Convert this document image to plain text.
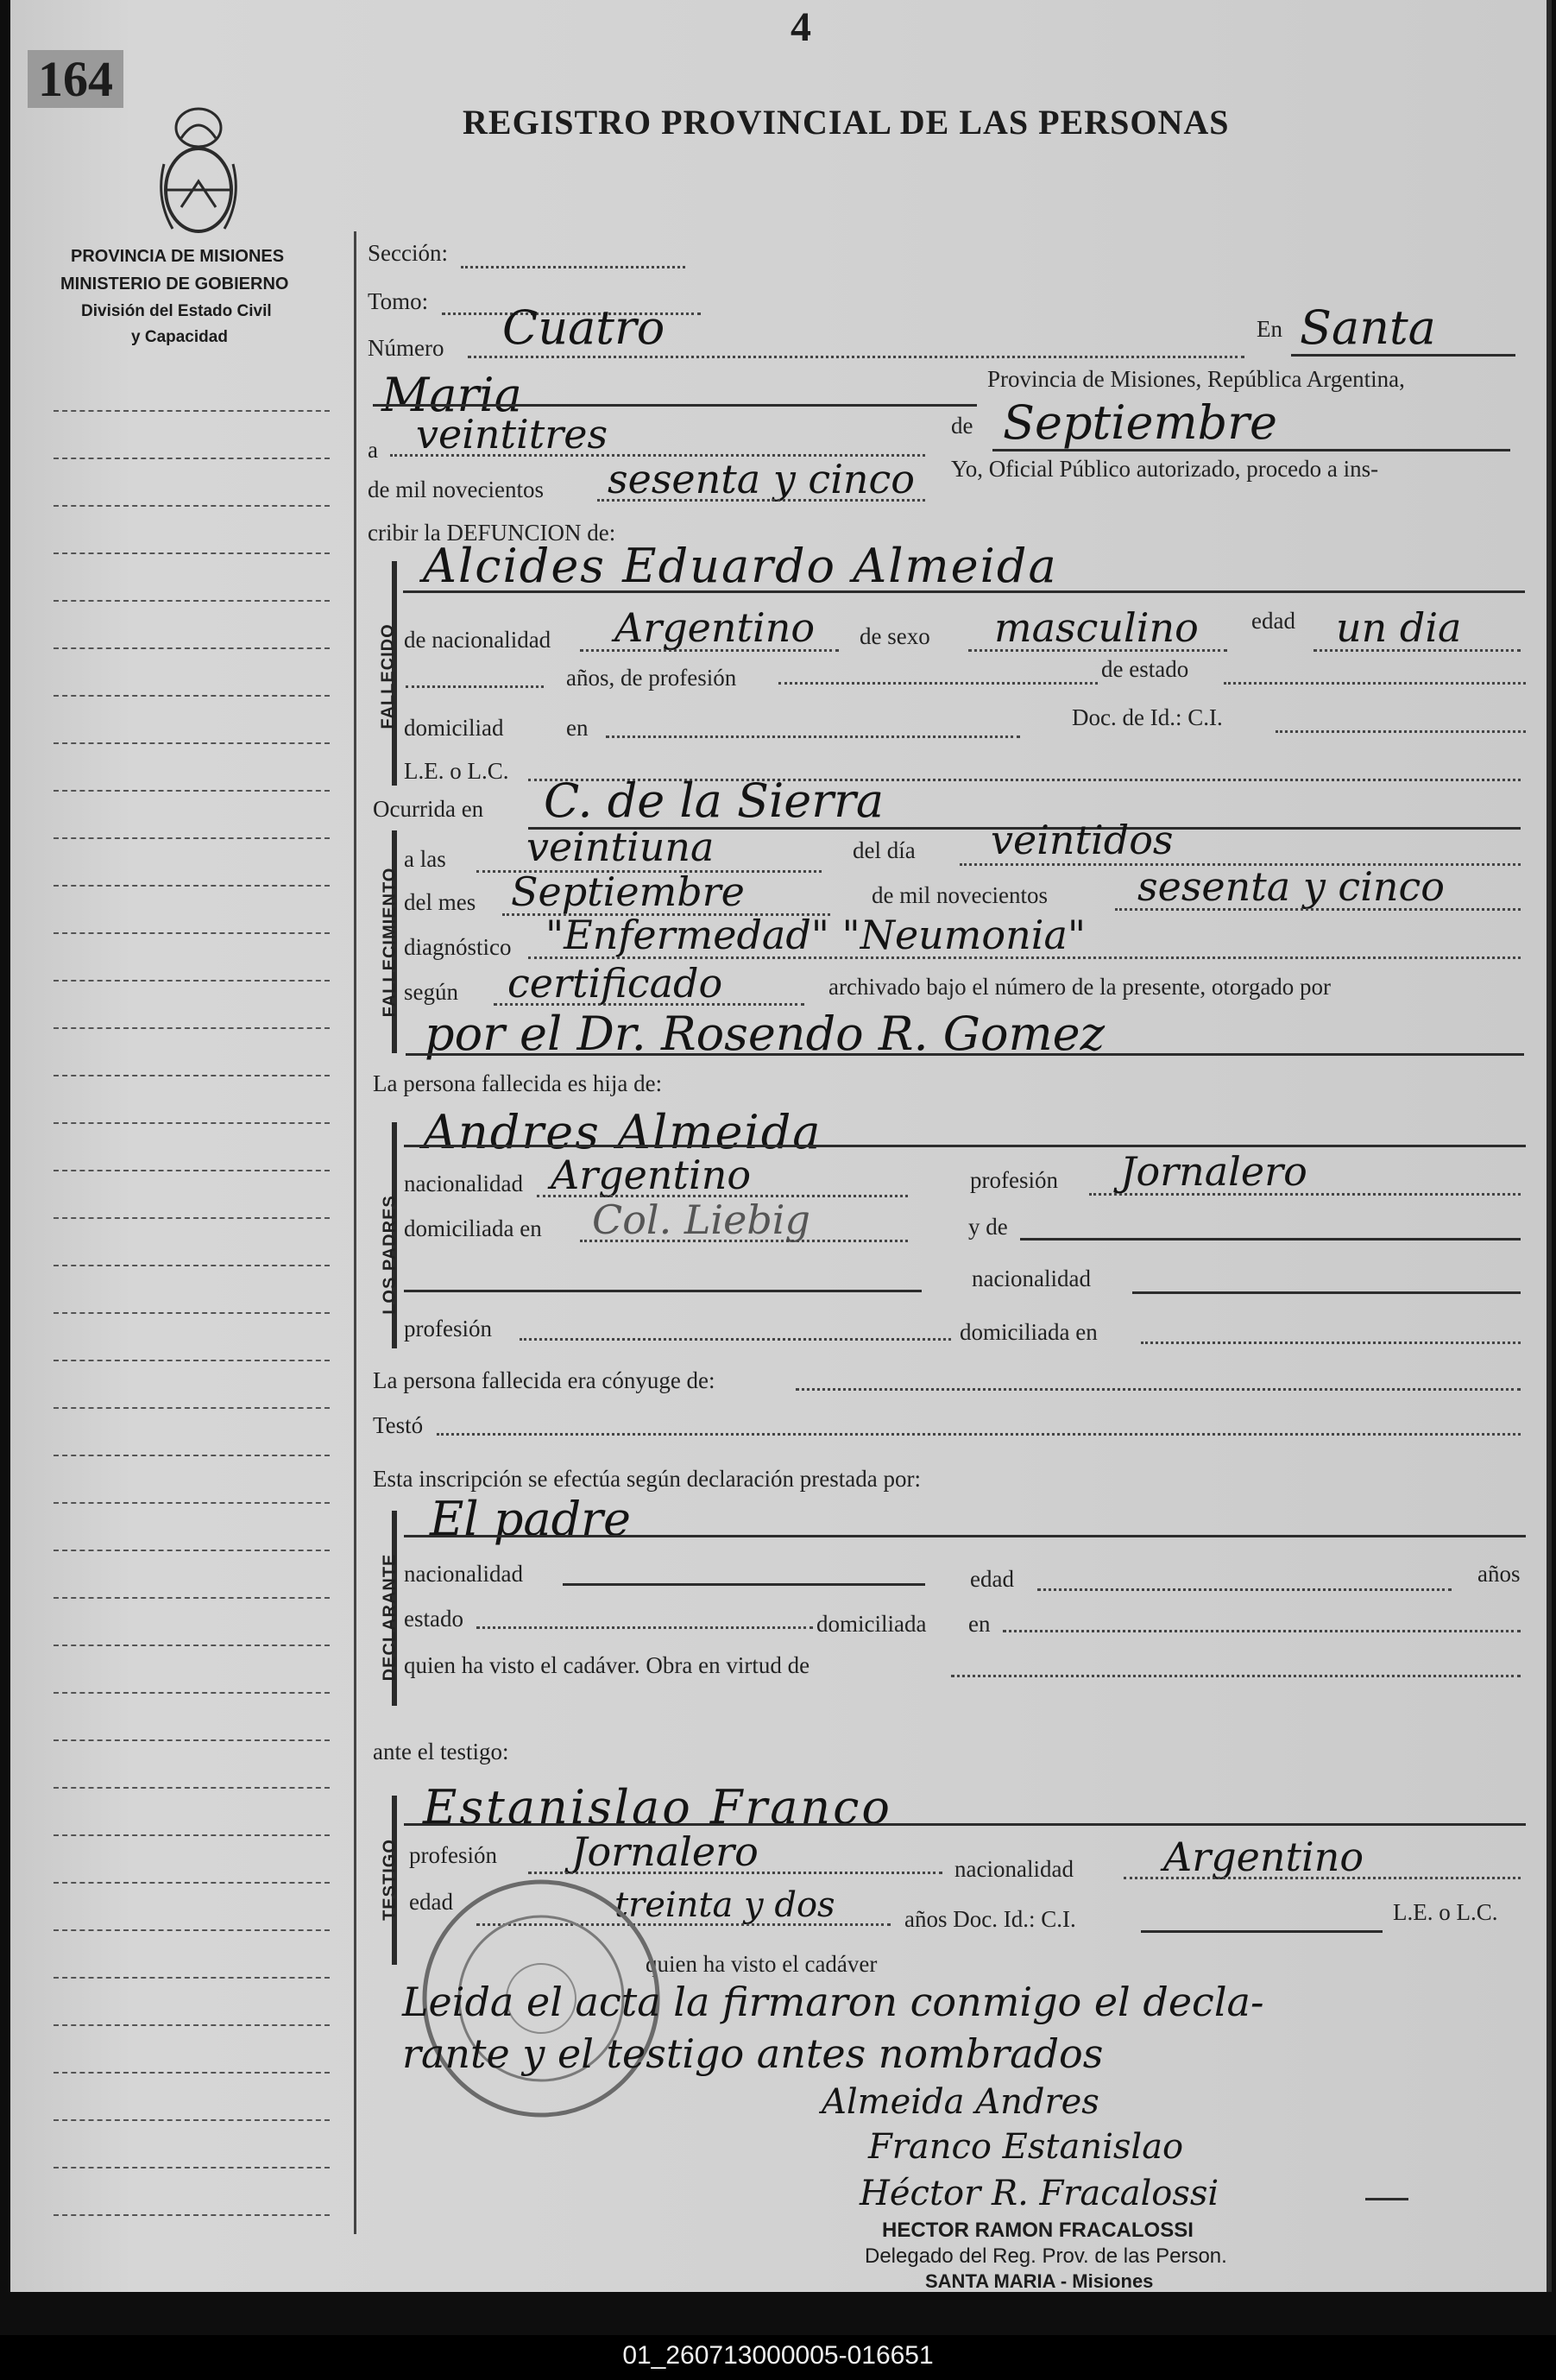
4
164
REGISTRO PROVINCIAL DE LAS PERSONAS
PROVINCIA DE MISIONES
MINISTERIO DE GOBIERNO
División del Estado Civil
y Capacidad
Sección:
Tomo:
Número Cuatro	En Santa
Maria	Provincia de Misiones, República Argentina,
a veintitres	de Septiembre
de mil novecientos sesenta y cinco Yo, Oficial Público autorizado, procedo a ins-
cribir la DEFUNCION de:
FALLECIDO
Alcides Eduardo Almeida
de nacionalidad Argentino de sexo masculino edad un dia
años, de profesión	de estado
domiciliad	en	Doc. de Id.: C.I.
L.E. o L.C.
Ocurrida en C. de la Sierra
FALLECIMIENTO
a las veintiuna	del día veintidos
del mes Septiembre	de mil novecientos sesenta y cinco
diagnóstico "Enfermedad" "Neumonia"
según certificado	archivado bajo el número de la presente, otorgado por
por el Dr. Rosendo R. Gomez
La persona fallecida es hija de:
LOS PADRES
Andres Almeida
nacionalidad Argentino	profesión Jornalero
domiciliada en Col. Liebig	y de
nacionalidad
profesión	domiciliada en
La persona fallecida era cónyuge de:
Testó
Esta inscripción se efectúa según declaración prestada por:
DECLARANTE
El padre
nacionalidad	edad	años
estado	domiciliada en
quien ha visto el cadáver. Obra en virtud de
ante el testigo:
TESTIGO
Estanislao Franco
profesión Jornalero	nacionalidad Argentino
edad	treinta y dos	años Doc. Id.: C.I.	L.E. o L.C.
quien ha visto el cadáver
Leida el acta la firmaron conmigo el decla-
rante y el testigo antes nombrados
Almeida Andres
Franco Estanislao
Héctor R. Fracalossi
HECTOR RAMON FRACALOSSI
Delegado del Reg. Prov. de las Person.
SANTA MARIA - Misiones
01_260713000005-016651
